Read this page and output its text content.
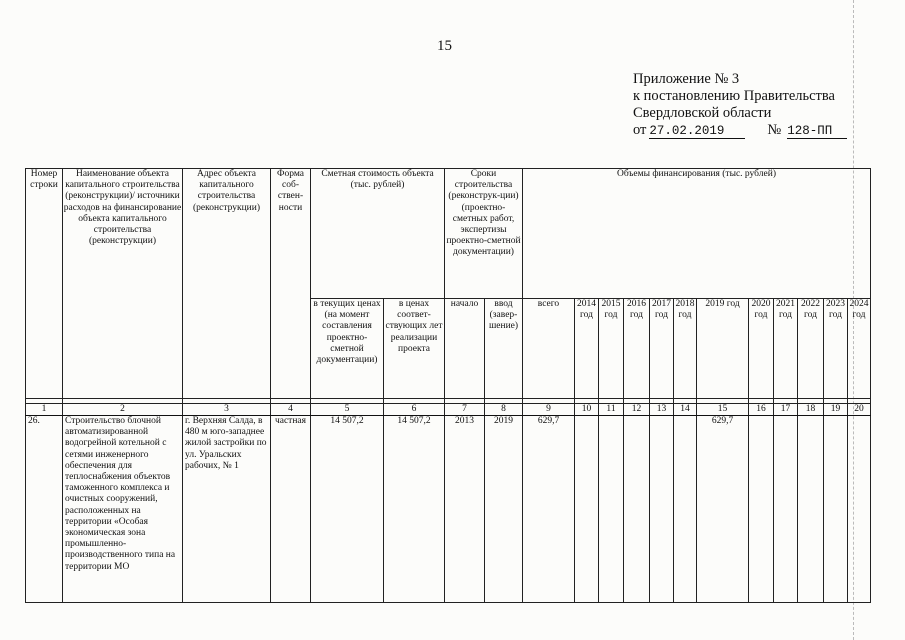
15
Приложение № 3
к постановлению Правительства
Свердловской области
от 27.02.2019	№ 128-ПП
Номер строки	Наименование объекта капитального строительства (реконструкции)/ источники расходов на финансирование объекта капитального строительства (реконструкции)	Адрес объекта капитального строительства (реконструкции)	Форма соб-ствен-ности	Сметная стоимость объекта (тыс. рублей)		Сроки строительства (реконструк-ции) (проектно-сметных работ, экспертизы проектно-сметной документации)		Объемы финансирования (тыс. рублей)											
				в текущих ценах (на момент составления проектно-сметной документации)	в ценах соответ-ствующих лет реализации проекта	начало	ввод (завер-шение)	всего	2014 год	2015 год	2016 год	2017 год	2018 год	2019 год	2020 год	2021 год	2022 год	2023 год	2024 год

1	2	3	4	5	6	7	8	9	10	11	12	13	14	15	16	17	18	19	20
26.	Строительство блочной автоматизированной водогрейной котельной с сетями инженерного обеспечения для теплоснабжения объектов таможенного комплекса и очистных сооружений, расположенных на территории «Особая экономическая зона промышленно-производственного типа на территории МО	г. Верхняя Салда, в 480 м юго-западнее жилой застройки по ул. Уральских рабочих, № 1	частная	14 507,2	14 507,2	2013	2019	629,7						629,7					
